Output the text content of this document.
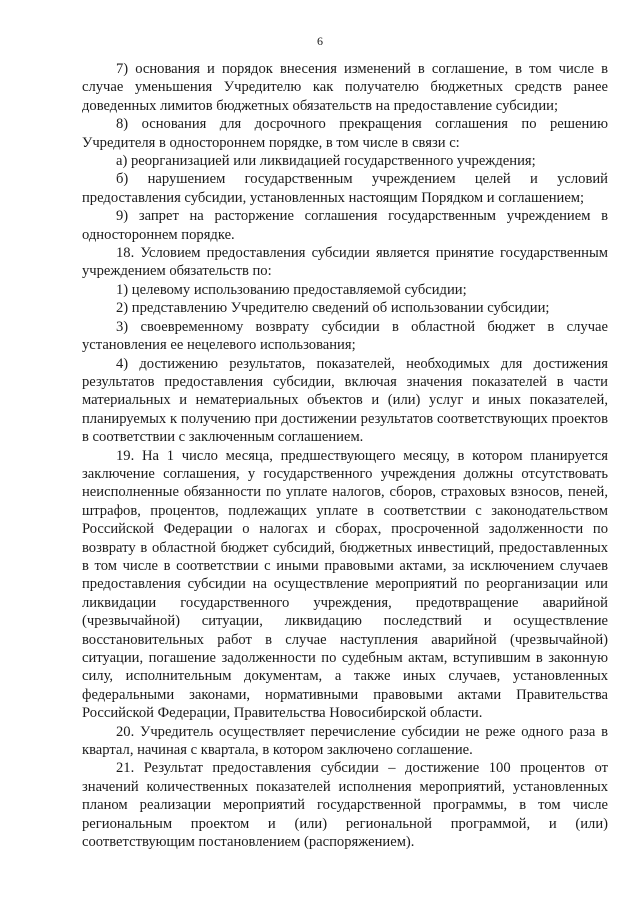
6

7) основания и порядок внесения изменений в соглашение, в том числе в случае уменьшения Учредителю как получателю бюджетных средств ранее доведенных лимитов бюджетных обязательств на предоставление субсидии;

8) основания для досрочного прекращения соглашения по решению Учредителя в одностороннем порядке, в том числе в связи с:

а) реорганизацией или ликвидацией государственного учреждения;

б) нарушением государственным учреждением целей и условий предоставления субсидии, установленных настоящим Порядком и соглашением;

9) запрет на расторжение соглашения государственным учреждением в одностороннем порядке.

18. Условием предоставления субсидии является принятие государственным учреждением обязательств по:

1) целевому использованию предоставляемой субсидии;

2) представлению Учредителю сведений об использовании субсидии;

3) своевременному возврату субсидии в областной бюджет в случае установления ее нецелевого использования;

4) достижению результатов, показателей, необходимых для достижения результатов предоставления субсидии, включая значения показателей в части материальных и нематериальных объектов и (или) услуг и иных показателей, планируемых к получению при достижении результатов соответствующих проектов в соответствии с заключенным соглашением.

19. На 1 число месяца, предшествующего месяцу, в котором планируется заключение соглашения, у государственного учреждения должны отсутствовать неисполненные обязанности по уплате налогов, сборов, страховых взносов, пеней, штрафов, процентов, подлежащих уплате в соответствии с законодательством Российской Федерации о налогах и сборах, просроченной задолженности по возврату в областной бюджет субсидий, бюджетных инвестиций, предоставленных в том числе в соответствии с иными правовыми актами, за исключением случаев предоставления субсидии на осуществление мероприятий по реорганизации или ликвидации государственного учреждения, предотвращение аварийной (чрезвычайной) ситуации, ликвидацию последствий и осуществление восстановительных работ в случае наступления аварийной (чрезвычайной) ситуации, погашение задолженности по судебным актам, вступившим в законную силу, исполнительным документам, а также иных случаев, установленных федеральными законами, нормативными правовыми актами Правительства Российской Федерации, Правительства Новосибирской области.

20. Учредитель осуществляет перечисление субсидии не реже одного раза в квартал, начиная с квартала, в котором заключено соглашение.

21. Результат предоставления субсидии – достижение 100 процентов от значений количественных показателей исполнения мероприятий, установленных планом реализации мероприятий государственной программы, в том числе региональным проектом и (или) региональной программой, и (или) соответствующим постановлением (распоряжением).
